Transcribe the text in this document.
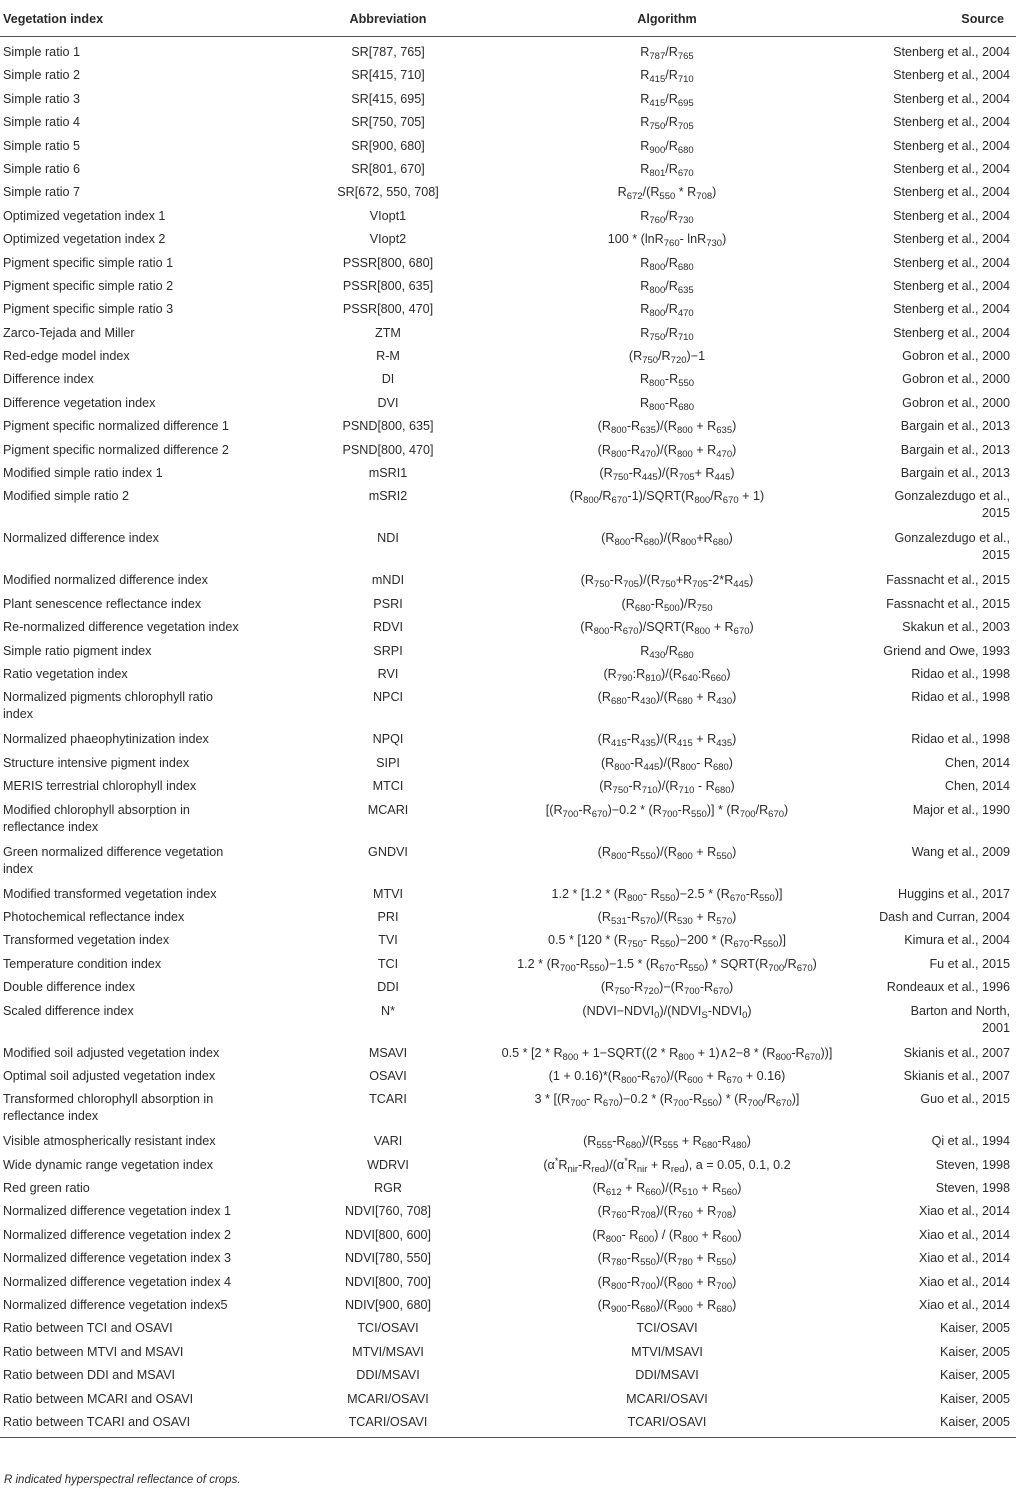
Vegetation index	Abbreviation	Algorithm	Source
Simple ratio 1	SR[787, 765]	$R_{787}/R_{765}$	Stenberg et al., 2004
Simple ratio 2	SR[415, 710]	$R_{415}/R_{710}$	Stenberg et al., 2004
Simple ratio 3	SR[415, 695]	$R_{415}/R_{695}$	Stenberg et al., 2004
Simple ratio 4	SR[750, 705]	$R_{750}/R_{705}$	Stenberg et al., 2004
Simple ratio 5	SR[900, 680]	$R_{900}/R_{680}$	Stenberg et al., 2004
Simple ratio 6	SR[801, 670]	$R_{801}/R_{670}$	Stenberg et al., 2004
Simple ratio 7	SR[672, 550, 708]	$R_{672}/(R_{550} * R_{708})$	Stenberg et al., 2004
Optimized vegetation index 1	VIopt1	$R_{760}/R_{730}$	Stenberg et al., 2004
Optimized vegetation index 2	VIopt2	100 * (lnR$_{760}$- lnR$_{730}$)	Stenberg et al., 2004
Pigment specific simple ratio 1	PSSR[800, 680]	$R_{800}/R_{680}$	Stenberg et al., 2004
Pigment specific simple ratio 2	PSSR[800, 635]	$R_{800}/R_{635}$	Stenberg et al., 2004
Pigment specific simple ratio 3	PSSR[800, 470]	$R_{800}/R_{470}$	Stenberg et al., 2004
Zarco-Tejada and Miller	ZTM	$R_{750}/R_{710}$	Stenberg et al., 2004
Red-edge model index	R-M	$(R_{750}/R_{720})-1$	Gobron et al., 2000
Difference index	DI	$R_{800}-R_{550}$	Gobron et al., 2000
Difference vegetation index	DVI	$R_{800}-R_{680}$	Gobron et al., 2000
Pigment specific normalized difference 1	PSND[800, 635]	$(R_{800}-R_{635})/(R_{800} + R_{635})$	Bargain et al., 2013
Pigment specific normalized difference 2	PSND[800, 470]	$(R_{800}-R_{470})/(R_{800} + R_{470})$	Bargain et al., 2013
Modified simple ratio index 1	mSRI1	$(R_{750}-R_{445})/(R_{705}+ R_{445})$	Bargain et al., 2013
Modified simple ratio 2	mSRI2	$(R_{800}/R_{670}-1)/SQRT(R_{800}/R_{670} + 1)$	Gonzalezdugo et al.,
2015
Normalized difference index	NDI	$(R_{800}-R_{680})/(R_{800}+R_{680})$	Gonzalezdugo et al.,
2015
Modified normalized difference index	mNDI	$(R_{750}-R_{705})/(R_{750}+R_{705}-2*R_{445})$	Fassnacht et al., 2015
Plant senescence reflectance index	PSRI	$(R_{680}-R_{500})/R_{750}$	Fassnacht et al., 2015
Re-normalized difference vegetation index	RDVI	$(R_{800}-R_{670})/SQRT(R_{800} + R_{670})$	Skakun et al., 2003
Simple ratio pigment index	SRPI	$R_{430}/R_{680}$	Griend and Owe, 1993
Ratio vegetation index	RVI	$(R_{790}:R_{810})/(R_{640}:R_{660})$	Ridao et al., 1998
Normalized pigments chlorophyll ratio
index	NPCI	$(R_{680}-R_{430})/(R_{680} + R_{430})$	Ridao et al., 1998
Normalized phaeophytinization index	NPQI	$(R_{415}-R_{435})/(R_{415} + R_{435})$	Ridao et al., 1998
Structure intensive pigment index	SIPI	$(R_{800}-R_{445})/(R_{800}-$ $R_{680}$)	Chen, 2014
MERIS terrestrial chlorophyll index	MTCI	$(R_{750}-R_{710})/(R_{710} - R_{680})$	Chen, 2014
Modified chlorophyll absorption in
reflectance index	MCARI	$[(R_{700}-R_{670})-0.2 * (R_{700}-R_{550})] * (R_{700}/R_{670})$	Major et al., 1990
Green normalized difference vegetation
index	GNDVI	$(R_{800}-R_{550})/(R_{800} + R_{550})$	Wang et al., 2009
Modified transformed vegetation index	MTVI	$1.2 * [1.2 * (R_{800}-$ $R_{550})-2.5 * (R_{670}-R_{550})$]	Huggins et al., 2017
Photochemical reflectance index	PRI	$(R_{531}-R_{570})/(R_{530} + R_{570})$	Dash and Curran, 2004
Transformed vegetation index	TVI	$0.5 * [120 * (R_{750}-$ $R_{550})-200 * (R_{670}-R_{550})$]	Kimura et al., 2004
Temperature condition index	TCI	$1.2 * (R_{700}-R_{550})-1.5 * (R_{670}-R_{550})$ * $SQRT(R_{700}/R_{670})$	Fu et al., 2015
Double difference index	DDI	$(R_{750}-R_{720})-(R_{700}-R_{670})$	Rondeaux et al., 1996
Scaled difference index	N*	$(NDVI-NDVI_0)/(NDVI_S-NDVI_0)$	Barton and North,
2001
Modified soil adjusted vegetation index	MSAVI	$0.5 * [2 * R_{800}$ + 1−SQRT((2 * $R_{800}$ + 1)∧2−8 * $(R_{800}-R_{670})$)]	Skianis et al., 2007
Optimal soil adjusted vegetation index	OSAVI	$(1 + 0.16)*(R_{800}-R_{670})/(R_{600} + R_{670} + 0.16)$	Skianis et al., 2007
Transformed chlorophyll absorption in
reflectance index	TCARI	$3 * [(R_{700}-$ $R_{670})-0.2 * (R_{700}-R_{550}) * (R_{700}/R_{670})$]	Guo et al., 2015
Visible atmospherically resistant index	VARI	$(R_{555}-R_{680})/(R_{555} + R_{680}-R_{480})$	Qi et al., 1994
Wide dynamic range vegetation index	WDRVI	$(\alpha^*R_{nir}-R_{red})/(\alpha^*R_{nir} + R_{red})$, a = 0.05, 0.1, 0.2	Steven, 1998
Red green ratio	RGR	$(R_{612} + R_{660})/(R_{510} + R_{560})$	Steven, 1998
Normalized difference vegetation index 1	NDVI[760, 708]	$(R_{760}-R_{708})/(R_{760} + R_{708})$	Xiao et al., 2014
Normalized difference vegetation index 2	NDVI[800, 600]	($R_{800}-$ $R_{600}) / (R_{800} + R_{600})$	Xiao et al., 2014
Normalized difference vegetation index 3	NDVI[780, 550]	$(R_{780}-R_{550})/(R_{780} + R_{550})$	Xiao et al., 2014
Normalized difference vegetation index 4	NDVI[800, 700]	$(R_{800}-R_{700})/(R_{800} + R_{700})$	Xiao et al., 2014
Normalized difference vegetation index5	NDIV[900, 680]	$(R_{900}-R_{680})/(R_{900} + R_{680})$	Xiao et al., 2014
Ratio between TCI and OSAVI	TCI/OSAVI	TCI/OSAVI	Kaiser, 2005
Ratio between MTVI and MSAVI	MTVI/MSAVI	MTVI/MSAVI	Kaiser, 2005
Ratio between DDI and MSAVI	DDI/MSAVI	DDI/MSAVI	Kaiser, 2005
Ratio between MCARI and OSAVI	MCARI/OSAVI	MCARI/OSAVI	Kaiser, 2005
Ratio between TCARI and OSAVI	TCARI/OSAVI	TCARI/OSAVI	Kaiser, 2005
R indicated hyperspectral reflectance of crops.
